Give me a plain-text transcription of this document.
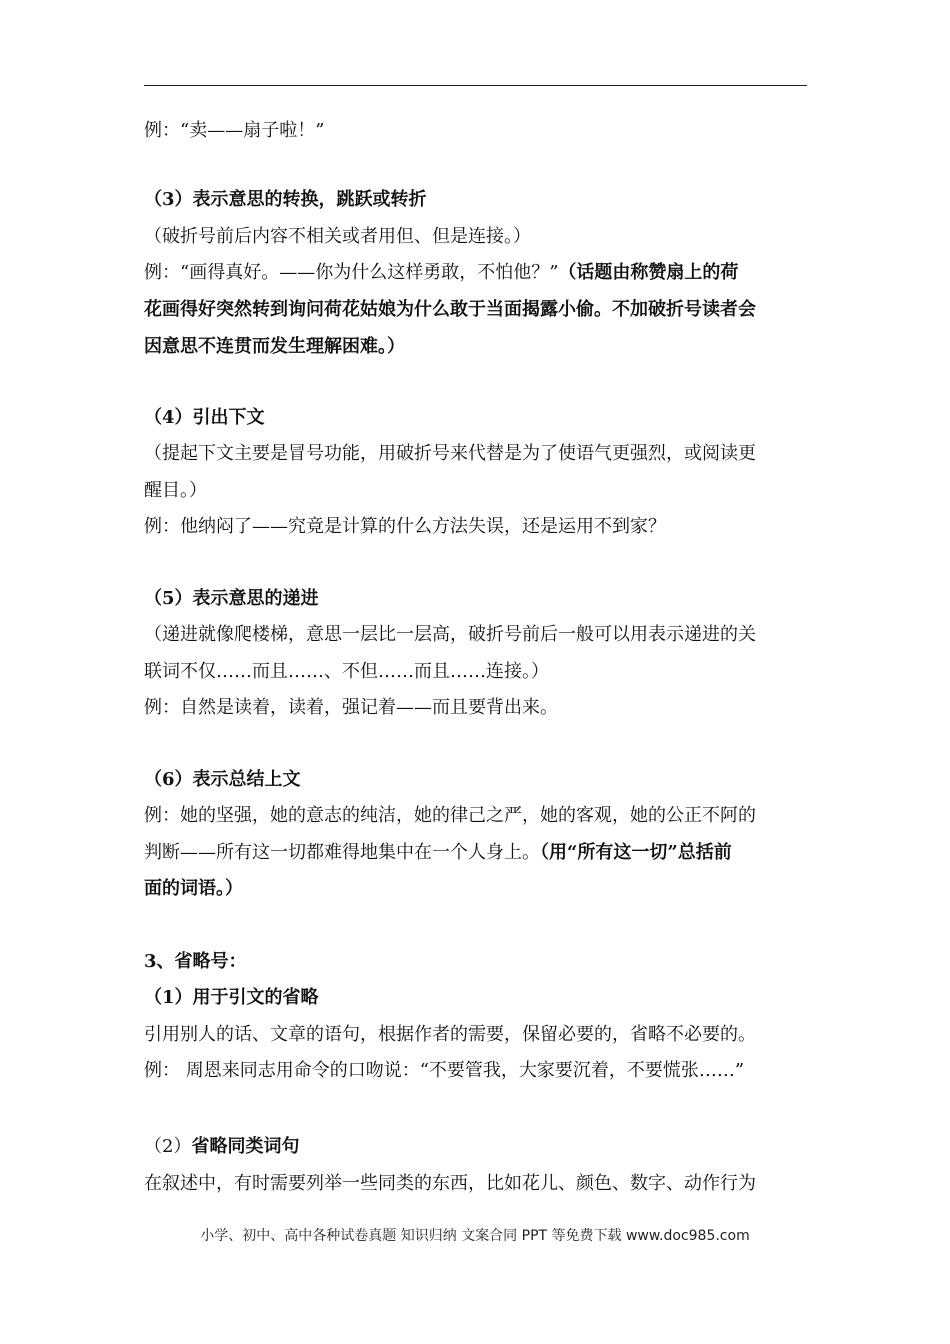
例：“卖——扇子啦！”
（3）表示意思的转换，跳跃或转折
（破折号前后内容不相关或者用但、但是连接。）
例：“画得真好。——你为什么这样勇敢，不怕他？”（话题由称赞扇上的荷
花画得好突然转到询问荷花姑娘为什么敢于当面揭露小偷。不加破折号读者会
因意思不连贯而发生理解困难。）
（4）引出下文
（提起下文主要是冒号功能，用破折号来代替是为了使语气更强烈，或阅读更
醒目。）
例：他纳闷了——究竟是计算的什么方法失误，还是运用不到家？
（5）表示意思的递进
（递进就像爬楼梯，意思一层比一层高，破折号前后一般可以用表示递进的关
联词不仅……而且……、不但……而且……连接。）
例：自然是读着，读着，强记着——而且要背出来。
（6）表示总结上文
例：她的坚强，她的意志的纯洁，她的律己之严，她的客观，她的公正不阿的
判断——所有这一切都难得地集中在一个人身上。（用“所有这一切”总括前
面的词语。）
3、省略号：
（1）用于引文的省略
引用别人的话、文章的语句，根据作者的需要，保留必要的，省略不必要的。
例： 周恩来同志用命令的口吻说：“不要管我，大家要沉着，不要慌张……”
（2）省略同类词句
在叙述中，有时需要列举一些同类的东西，比如花儿、颜色、数字、动作行为
小学、初中、高中各种试卷真题 知识归纳 文案合同 PPT 等免费下载 www.doc985.com
